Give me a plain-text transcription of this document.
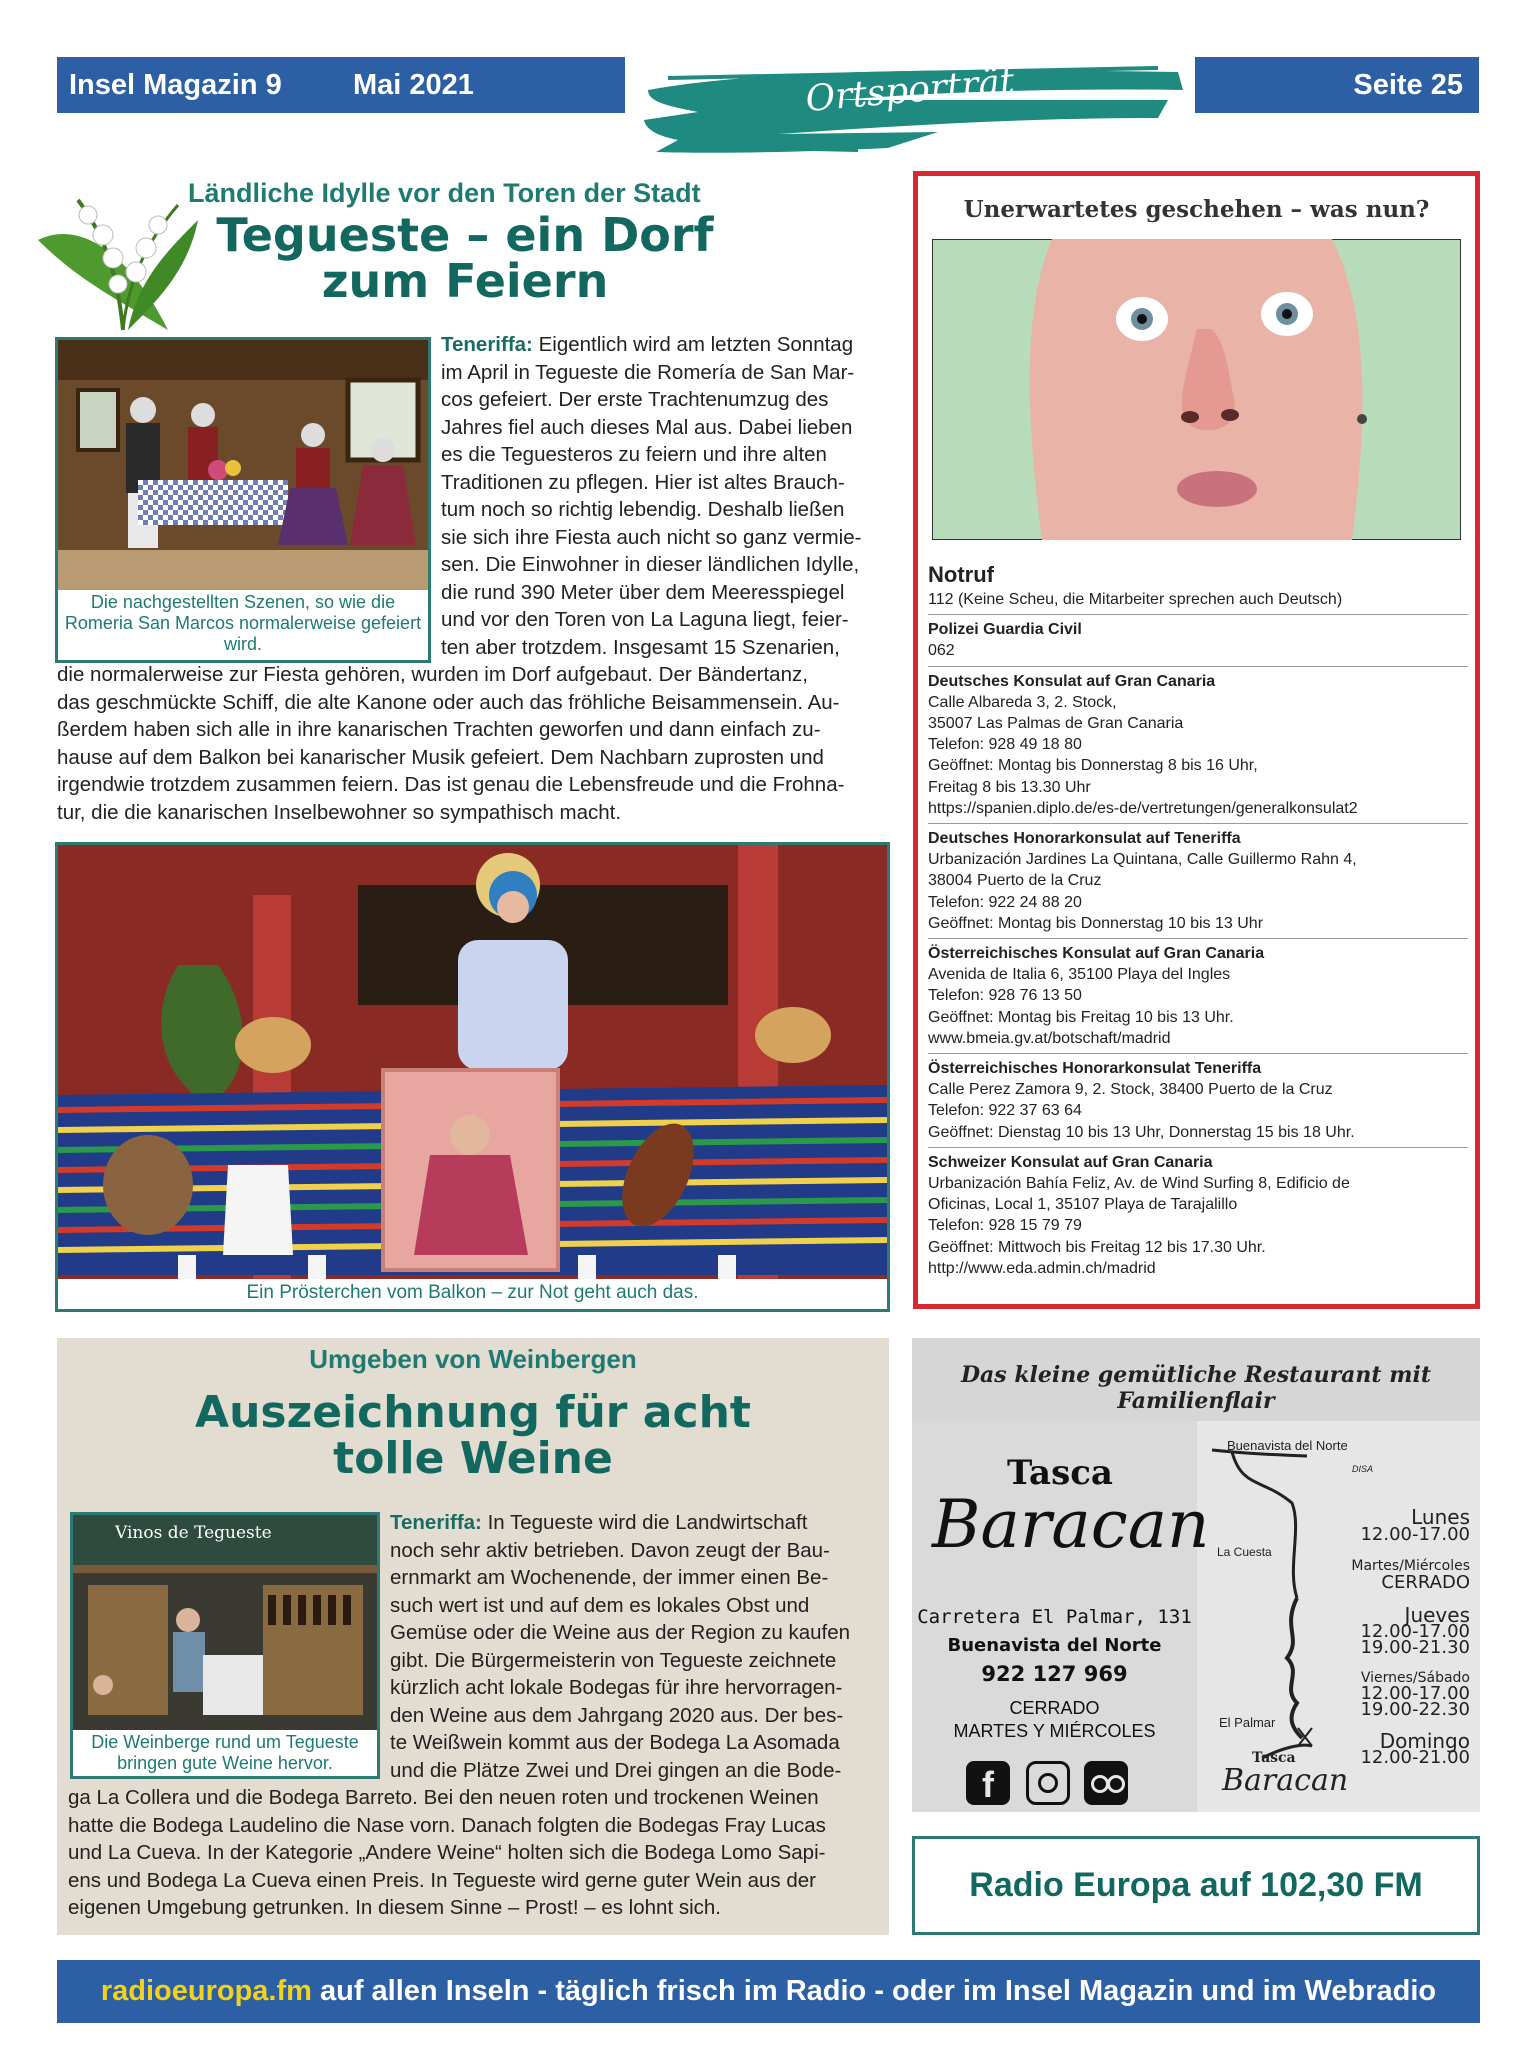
Insel Magazin 9 Mai 2021	Ortsporträt	Seite 25
Ländliche Idylle vor den Toren der Stadt
Tegueste – ein Dorf
zum Feiern
Die nachgestellten Szenen, so wie die Romeria San Marcos normalerweise gefeiert wird.
Teneriffa: Eigentlich wird am letzten Sonntag
im April in Tegueste die Romería de San Mar-
cos gefeiert. Der erste Trachtenumzug des
Jahres fiel auch dieses Mal aus. Dabei lieben
es die Teguesteros zu feiern und ihre alten
Traditionen zu pflegen. Hier ist altes Brauch-
tum noch so richtig lebendig. Deshalb ließen
sie sich ihre Fiesta auch nicht so ganz vermie-
sen. Die Einwohner in dieser ländlichen Idylle,
die rund 390 Meter über dem Meeresspiegel
und vor den Toren von La Laguna liegt, feier-
ten aber trotzdem. Insgesamt 15 Szenarien,
die normalerweise zur Fiesta gehören, wurden im Dorf aufgebaut. Der Bändertanz,
das geschmückte Schiff, die alte Kanone oder auch das fröhliche Beisammensein. Au-
ßerdem haben sich alle in ihre kanarischen Trachten geworfen und dann einfach zu-
hause auf dem Balkon bei kanarischer Musik gefeiert. Dem Nachbarn zuprosten und
irgendwie trotzdem zusammen feiern. Das ist genau die Lebensfreude und die Frohna-
tur, die die kanarischen Inselbewohner so sympathisch macht.
Ein Prösterchen vom Balkon – zur Not geht auch das.
Unerwartetes geschehen – was nun?
Notruf
112 (Keine Scheu, die Mitarbeiter sprechen auch Deutsch)
Polizei Guardia Civil
062
Deutsches Konsulat auf Gran Canaria
Calle Albareda 3, 2. Stock,
35007 Las Palmas de Gran Canaria
Telefon: 928 49 18 80
Geöffnet: Montag bis Donnerstag 8 bis 16 Uhr,
Freitag 8 bis 13.30 Uhr
https://spanien.diplo.de/es-de/vertretungen/generalkonsulat2
Deutsches Honorarkonsulat auf Teneriffa
Urbanización Jardines La Quintana, Calle Guillermo Rahn 4,
38004 Puerto de la Cruz
Telefon: 922 24 88 20
Geöffnet: Montag bis Donnerstag 10 bis 13 Uhr
Österreichisches Konsulat auf Gran Canaria
Avenida de Italia 6, 35100 Playa del Ingles
Telefon: 928 76 13 50
Geöffnet: Montag bis Freitag 10 bis 13 Uhr.
www.bmeia.gv.at/botschaft/madrid
Österreichisches Honorarkonsulat Teneriffa
Calle Perez Zamora 9, 2. Stock, 38400 Puerto de la Cruz
Telefon: 922 37 63 64
Geöffnet: Dienstag 10 bis 13 Uhr, Donnerstag 15 bis 18 Uhr.
Schweizer Konsulat auf Gran Canaria
Urbanización Bahía Feliz, Av. de Wind Surfing 8, Edificio de
Oficinas, Local 1, 35107 Playa de Tarajalillo
Telefon: 928 15 79 79
Geöffnet: Mittwoch bis Freitag 12 bis 17.30 Uhr.
http://www.eda.admin.ch/madrid
Umgeben von Weinbergen
Auszeichnung für acht
tolle Weine
Vinos de Tegueste
Die Weinberge rund um Tegueste bringen gute Weine hervor.
Teneriffa: In Tegueste wird die Landwirtschaft
noch sehr aktiv betrieben. Davon zeugt der Bau-
ernmarkt am Wochenende, der immer einen Be-
such wert ist und auf dem es lokales Obst und
Gemüse oder die Weine aus der Region zu kaufen
gibt. Die Bürgermeisterin von Tegueste zeichnete
kürzlich acht lokale Bodegas für ihre hervorragen-
den Weine aus dem Jahrgang 2020 aus. Der bes-
te Weißwein kommt aus der Bodega La Asomada
und die Plätze Zwei und Drei gingen an die Bode-
ga La Collera und die Bodega Barreto. Bei den neuen roten und trockenen Weinen
hatte die Bodega Laudelino die Nase vorn. Danach folgten die Bodegas Fray Lucas
und La Cueva. In der Kategorie „Andere Weine“ holten sich die Bodega Lomo Sapi-
ens und Bodega La Cueva einen Preis. In Tegueste wird gerne guter Wein aus der
eigenen Umgebung getrunken. In diesem Sinne – Prost! – es lohnt sich.
Das kleine gemütliche Restaurant mit Familienflair
Tasca
Baracan
Carretera El Palmar, 131
Buenavista del Norte
922 127 969
CERRADO
MARTES Y MIÉRCOLES
f
Buenavista del Norte
DISA
La Cuesta
El Palmar
Tasca
Baracan
Lunes
12.00-17.00
Martes/Miércoles
CERRADO
Jueves
12.00-17.00
19.00-21.30
Viernes/Sábado
12.00-17.00
19.00-22.30
Domingo
12.00-21.00
Radio Europa auf 102,30 FM
radioeuropa.fm auf allen Inseln - täglich frisch im Radio - oder im Insel Magazin und im Webradio
